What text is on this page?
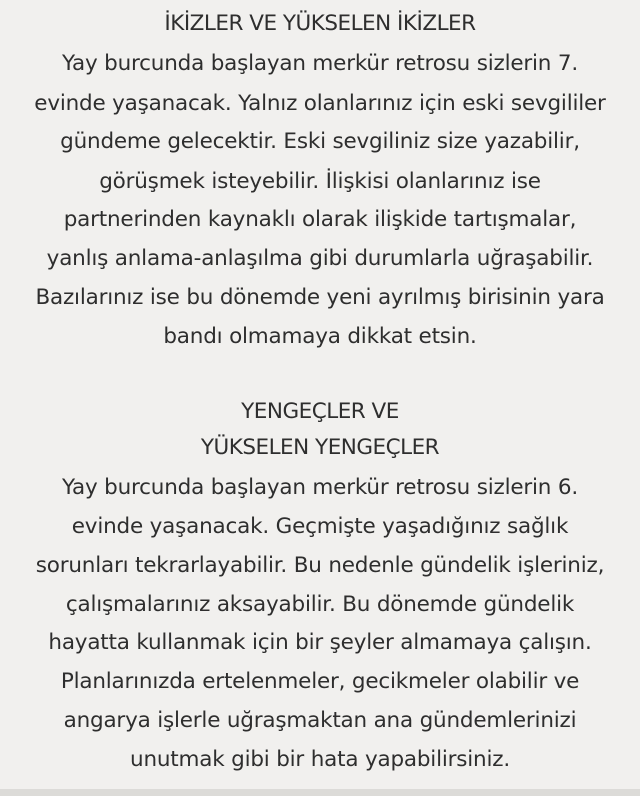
İKİZLER VE YÜKSELEN İKİZLER
Yay burcunda başlayan merkür retrosu sizlerin 7.
evinde yaşanacak. Yalnız olanlarınız için eski sevgililer
gündeme gelecektir. Eski sevgiliniz size yazabilir,
görüşmek isteyebilir. İlişkisi olanlarınız ise
partnerinden kaynaklı olarak ilişkide tartışmalar,
yanlış anlama-anlaşılma gibi durumlarla uğraşabilir.
Bazılarınız ise bu dönemde yeni ayrılmış birisinin yara
bandı olmamaya dikkat etsin.
YENGEÇLER VE
YÜKSELEN YENGEÇLER
Yay burcunda başlayan merkür retrosu sizlerin 6.
evinde yaşanacak. Geçmişte yaşadığınız sağlık
sorunları tekrarlayabilir. Bu nedenle gündelik işleriniz,
çalışmalarınız aksayabilir. Bu dönemde gündelik
hayatta kullanmak için bir şeyler almamaya çalışın.
Planlarınızda ertelenmeler, gecikmeler olabilir ve
angarya işlerle uğraşmaktan ana gündemlerinizi
unutmak gibi bir hata yapabilirsiniz.
